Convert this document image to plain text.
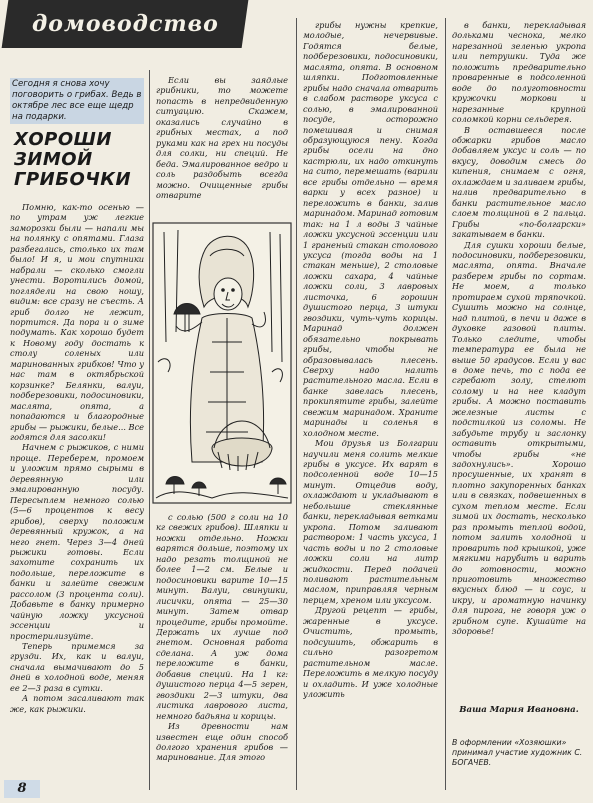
домоводство
Сегодня я снова хочу поговорить о грибах. Ведь в октябре лес все еще щедр на подарки.
ХОРОШИ ЗИМОЙ ГРИБОЧКИ

Помню, как-то осенью — по утрам уж легкие заморозки были — напали мы на полянку с опятами. Глаза разбегались, столько их там было! И я, и мои спутники набрали — сколько смогли унести. Воротились домой, поглядели на свою ношу, видим: все сразу не съесть. А гриб долго не лежит, портится. Да пора и о зиме подумать. Как хорошо будет к Новому году достать к столу соленых или маринованных грибков! Что у нас там в октябрьской корзинке? Белянки, валуи, подберезовики, подосиновики, маслята, опята, а попадаются и благородные грибы — рыжики, белые... Все годятся для засолки!

Начнем с рыжиков, с ними проще. Переберем, промоем и уложим прямо сырыми в деревянную или эмалированную посуду. Пересыплем немного солью (5—6 процентов к весу грибов), сверху положим деревянный кружок, а на него гнет. Через 3—4 дней рыжики готовы. Если захотите сохранить их подольше, переложите в банки и залейте свежим рассолом (3 процента соли). Добавьте в банку примерно чайную ложку уксусной эссенции и простерилизуйте.

Теперь примемся за грузди. Их, как и валуи, сначала вымачивают до 5 дней в холодной воде, меняя ее 2—3 раза в сутки.

А потом засаливают так же, как рыжики.

Если вы заядлые грибники, то можете попасть в непредвиденную ситуацию. Скажем, оказались случайно в грибных местах, а под руками как на грех ни посуды для солки, ни специй. Не беда. Эмалированное ведро и соль раздобыть всегда можно. Очищенные грибы отварите

с солью (500 г соли на 10 кг свежих грибов). Шляпки и ножки отдельно. Ножки варятся дольше, поэтому их надо резать толщиной не более 1—2 см. Белые и подосиновики варите 10—15 минут. Валуи, свинушки, лисички, опята — 25—30 минут. Затем отвар процедите, грибы промойте. Держать их лучше под гнетом. Основная работа сделана. А уж дома переложите в банки, добавив специй. На 1 кг: душистого перца 4—5 зерен, гвоздики 2—3 штуки, два листика лаврового листа, немного бадьяна и корицы.

Из древности нам известен еще один способ долгого хранения грибов — маринование. Для этого

грибы нужны крепкие, молодые, нечервивые. Годятся белые, подберезовики, подосиновики, маслята, опята. В основном шляпки. Подготовленные грибы надо сначала отварить в слабом растворе уксуса с солью, в эмалированной посуде, осторожно помешивая и снимая образующуюся пену. Когда грибы осели на дно кастрюли, их надо откинуть на сито, перемешать (варили все грибы отдельно — время варки у всех разное) и переложить в банки, залив маринадом. Маринад готовим так: на 1 л воды 3 чайные ложки уксусной эссенции или 1 граненый стакан столового уксуса (тогда воды на 1 стакан меньше), 2 столовые ложки сахара, 4 чайные ложки соли, 3 лавровых листочка, 6 горошин душистого перца, 3 штуки гвоздики, чуть-чуть корицы. Маринад должен обязательно покрывать грибы, чтобы не образовывалась плесень. Сверху надо налить растительного масла. Если в банке завелась плесень, прокипятите грибы, залейте свежим маринадом. Храните маринады и соленья в холодном месте.

Мои друзья из Болгарии научили меня солить мелкие грибы в уксусе. Их варят в подсоленной воде 10—15 минут. Отцедив воду, охлаждают и укладывают в небольшие стеклянные банки, перекладывая ветками укропа. Потом заливают раствором: 1 часть уксуса, 1 часть воды и по 2 столовые ложки соли на литр жидкости. Перед подачей поливают растительным маслом, приправляя черным перцем, хреном или уксусом.

Другой рецепт — грибы, жаренные в уксусе. Очистить, промыть, подсушить, обжарить в сильно разогретом растительном масле. Переложить в мелкую посуду и охладить. И уже холодные уложить

в банки, перекладывая дольками чеснока, мелко нарезанной зеленью укропа или петрушки. Туда же положить предварительно проваренные в подсоленной воде до полуготовности кружочки моркови и нарезанные крупной соломкой корни сельдерея.

В оставшееся после обжарки грибов масло добавляем уксус и соль — по вкусу, доводим смесь до кипения, снимаем с огня, охлаждаем и заливаем грибы, налив предварительно в банки растительное масло слоем толщиной в 2 пальца. Грибы «по-болгарски» закатываем в банки.

Для сушки хороши белые, подосиновики, подберезовики, маслята, опята. Вначале разберем грибы по сортам. Не моем, а только протираем сухой тряпочкой. Сушить можно на солнце, над плитой, в печи и даже в духовке газовой плиты. Только следите, чтобы температура ее была не выше 50 градусов. Если у вас в доме печь, то с пода ее сгребают золу, стелют солому и на нее кладут грибы. А можно поставить железные листы с подстилкой из соломы. Не забудьте трубу и заслонку оставить открытыми, чтобы грибы «не задохнулись». Хорошо просушенные, их хранят в плотно закупоренных банках или в связках, подвешенных в сухом теплом месте. Если зимой их достать, несколько раз промыть теплой водой, потом залить холодной и проварить под крышкой, уже мягкими нарубить и варить до готовности, можно приготовить множество вкусных блюд — и соус, и икру, и ароматную начинку для пирога, не говоря уж о грибном супе. Кушайте на здоровье!

Ваша Мария Ивановна.
В оформлении «Хозяюшки» принимал участие художник С. БОГАЧЕВ.
8
